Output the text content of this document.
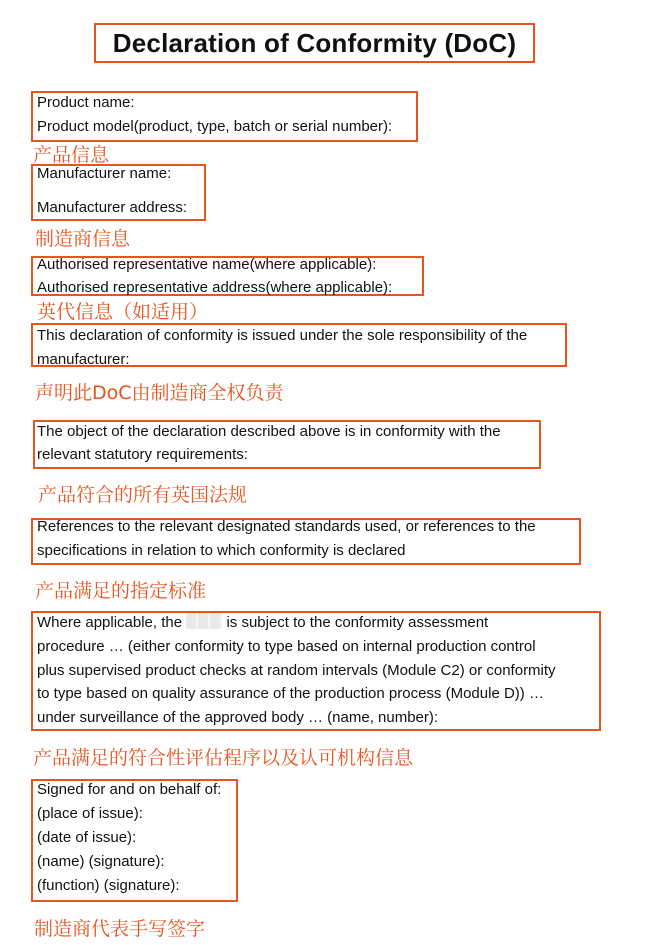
Declaration of Conformity (DoC)
Product name:
Product model(product, type, batch or serial number):
产品信息
Manufacturer name:
Manufacturer address:
制造商信息
Authorised representative name(where applicable):
Authorised representative address(where applicable):
英代信息（如适用）
This declaration of conformity is issued under the sole responsibility of the
manufacturer:
声明此DoC由制造商全权负责
The object of the declaration described above is in conformity with the
relevant statutory requirements:
产品符合的所有英国法规
References to the relevant designated standards used, or references to the
specifications in relation to which conformity is declared
产品满足的指定标准
Where applicable, the	is subject to the conformity assessment
procedure … (either conformity to type based on internal production control
plus supervised product checks at random intervals (Module C2) or conformity
to type based on quality assurance of the production process (Module D)) …
under surveillance of the approved body … (name, number):
产品满足的符合性评估程序以及认可机构信息
Signed for and on behalf of:
(place of issue):
(date of issue):
(name) (signature):
(function) (signature):
制造商代表手写签字
